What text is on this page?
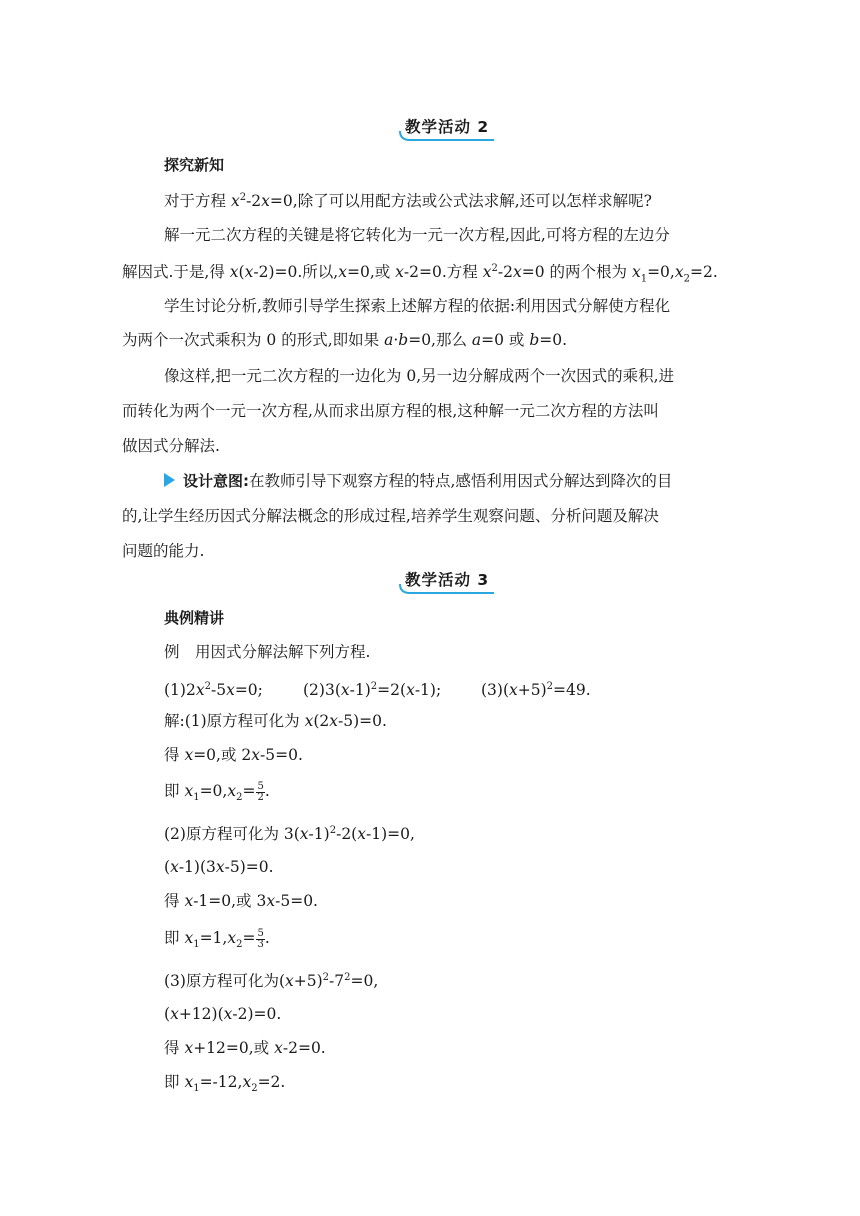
教学活动 2
探究新知
对于方程 $x^2-2x=0$,除了可以用配方法或公式法求解,还可以怎样求解呢?
解一元二次方程的关键是将它转化为一元一次方程,因此,可将方程的左边分
解因式.于是,得 x(x-2)=0.所以,x=0,或 x-2=0.方程 $x^2-2x=0$ 的两个根为 $x_1=0,x_2=2$.
学生讨论分析,教师引导学生探索上述解方程的依据:利用因式分解使方程化
为两个一次式乘积为 0 的形式,即如果 a·b=0,那么 a=0 或 b=0.
像这样,把一元二次方程的一边化为 0,另一边分解成两个一次因式的乘积,进
而转化为两个一元一次方程,从而求出原方程的根,这种解一元二次方程的方法叫
做因式分解法.
设计意图:在教师引导下观察方程的特点,感悟利用因式分解达到降次的目
的,让学生经历因式分解法概念的形成过程,培养学生观察问题、分析问题及解决
问题的能力.
教学活动 3
典例精讲
例　用因式分解法解下列方程.
$(1)2x^2-5x=0$;	$(2)3(x-1)^2=2(x-1)$;	$(3)(x+5)^2=49$.
解:(1)原方程可化为 x(2x-5)=0.
得 x=0,或 2x-5=0.
即 $x_1=0,x_2= \frac{5}{2}$ .
(2)原方程可化为 $3(x-1)^2-2(x-1)=0$,
(x-1)(3x-5)=0.
得 x-1=0,或 3x-5=0.
即 $x_1=1,x_2= \frac{5}{3}$ .
(3)原方程可化为$(x+5)^2-7^2=0$,
(x+12)(x-2)=0.
得 x+12=0,或 x-2=0.
即 $x_1=-12,x_2=2$.
